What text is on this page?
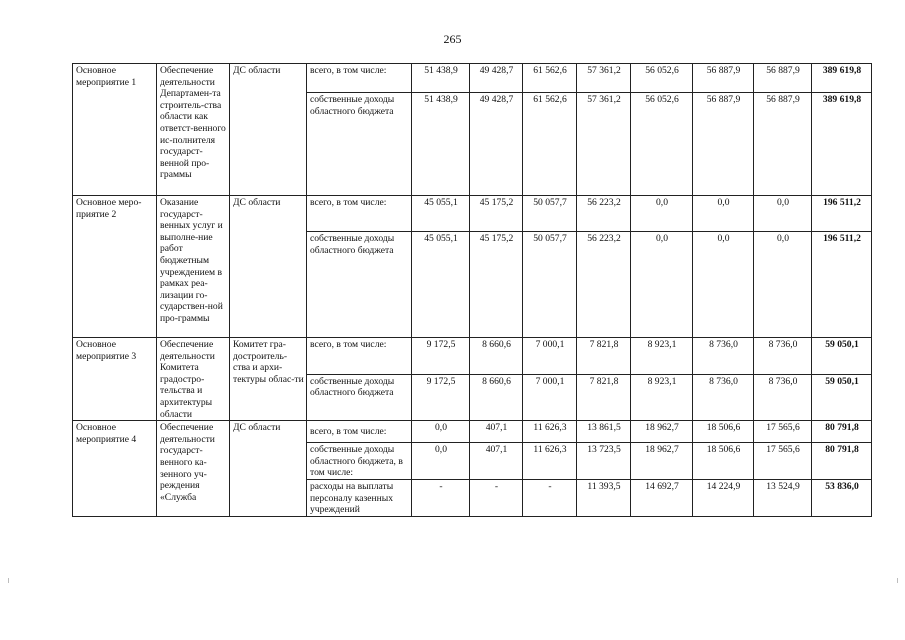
265
Основное мероприятие 1	Обеспечение деятельности Департамен-та строитель-ства области как ответст-венного ис-полнителя государст-венной про-граммы	ДС области	всего, в том числе:	51 438,9	49 428,7	61 562,6	57 361,2	56 052,6	56 887,9	56 887,9	389 619,8
			собственные доходы областного бюджета	51 438,9	49 428,7	61 562,6	57 361,2	56 052,6	56 887,9	56 887,9	389 619,8
Основное меро-приятие 2	Оказание государст-венных услуг и выполне-ние работ бюджетным учреждением в рамках реа-лизации го-сударствен-ной про-граммы	ДС области	всего, в том числе:	45 055,1	45 175,2	50 057,7	56 223,2	0,0	0,0	0,0	196 511,2
			собственные доходы областного бюджета	45 055,1	45 175,2	50 057,7	56 223,2	0,0	0,0	0,0	196 511,2
Основное мероприятие 3	Обеспечение деятельности Комитета градостро-тельства и архитектуры области	Комитет гра-достроитель-ства и архи-тектуры облас-ти	всего, в том числе:	9 172,5	8 660,6	7 000,1	7 821,8	8 923,1	8 736,0	8 736,0	59 050,1
			собственные доходы областного бюджета	9 172,5	8 660,6	7 000,1	7 821,8	8 923,1	8 736,0	8 736,0	59 050,1
Основное мероприятие 4	Обеспечение деятельности государст-венного ка-зенного уч-реждения «Служба	ДС области	всего, в том числе:	0,0	407,1	11 626,3	13 861,5	18 962,7	18 506,6	17 565,6	80 791,8
			собственные доходы областного бюджета, в том числе:	0,0	407,1	11 626,3	13 723,5	18 962,7	18 506,6	17 565,6	80 791,8
			расходы на выплаты персоналу казенных учреждений	-	-	-	11 393,5	14 692,7	14 224,9	13 524,9	53 836,0
